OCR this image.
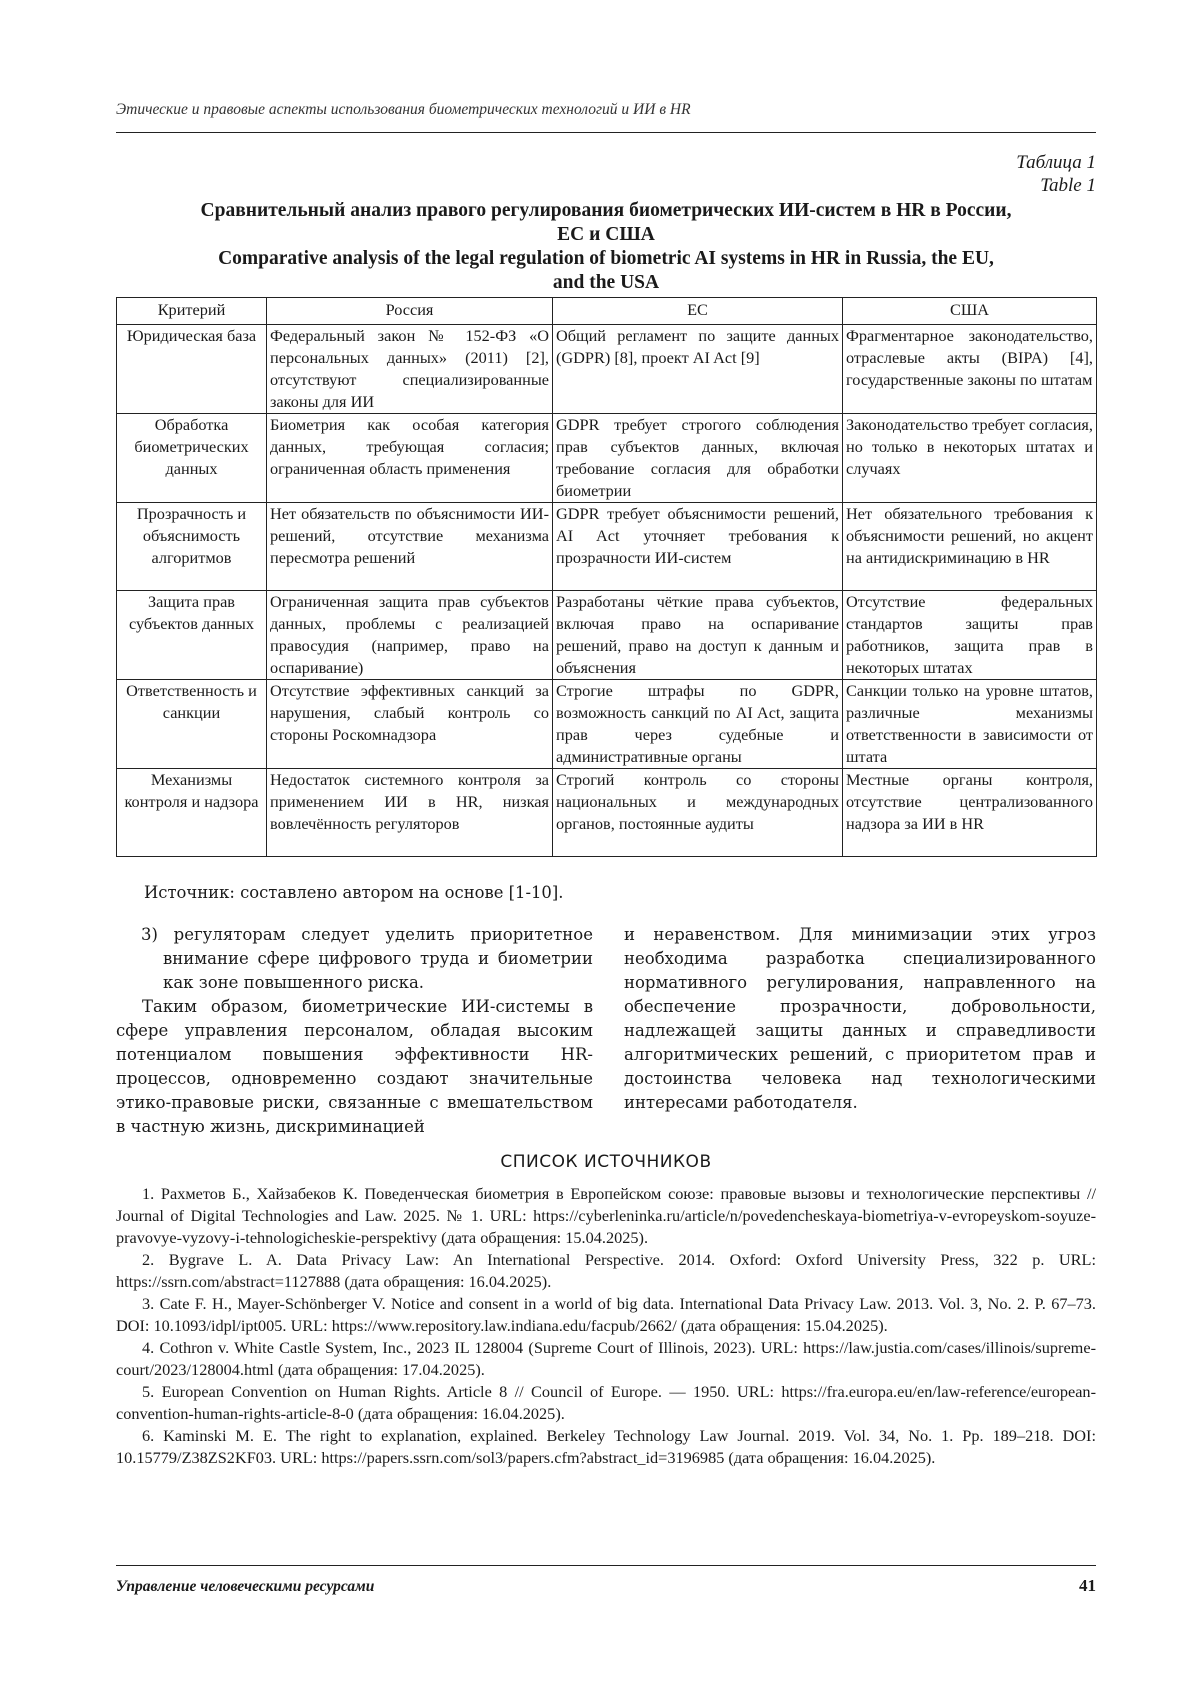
Этические и правовые аспекты использования биометрических технологий и ИИ в HR
Таблица 1
Table 1
Сравнительный анализ правого регулирования биометрических ИИ-систем в HR в России,
ЕС и США
Comparative analysis of the legal regulation of biometric AI systems in HR in Russia, the EU,
and the USA
Критерий	Россия	ЕС	США
Юридическая база	Федеральный закон № 152-ФЗ «О персональных данных» (2011) [2], отсутствуют специализированные законы для ИИ	Общий регламент по защите данных (GDPR) [8], проект AI Act [9]	Фрагментарное законодательство, отраслевые акты (BIPA) [4], государственные законы по штатам
Обработка биометрических данных	Биометрия как особая категория данных, требующая согласия; ограниченная область применения	GDPR требует строгого соблюдения прав субъектов данных, включая требование согласия для обработки биометрии	Законодательство требует согласия, но только в некоторых штатах и случаях
Прозрачность и объяснимость алгоритмов	Нет обязательств по объяснимости ИИ-решений, отсутствие механизма пересмотра решений	GDPR требует объяснимости решений, AI Act уточняет требования к прозрачности ИИ-систем	Нет обязательного требования к объяснимости решений, но акцент на антидискриминацию в HR
Защита прав субъектов данных	Ограниченная защита прав субъектов данных, проблемы с реализацией правосудия (например, право на оспаривание)	Разработаны чёткие права субъектов, включая право на оспаривание решений, право на доступ к данным и объяснения	Отсутствие федеральных стандартов защиты прав работников, защита прав в некоторых штатах
Ответственность и санкции	Отсутствие эффективных санкций за нарушения, слабый контроль со стороны Роскомнадзора	Строгие штрафы по GDPR, возможность санкций по AI Act, защита прав через судебные и административные органы	Санкции только на уровне штатов, различные механизмы ответственности в зависимости от штата
Механизмы контроля и надзора	Недостаток системного контроля за применением ИИ в HR, низкая вовлечённость регуляторов	Строгий контроль со стороны национальных и международных органов, постоянные аудиты	Местные органы контроля, отсутствие централизованного надзора за ИИ в HR
Источник: составлено автором на основе [1-10].

3) регуляторам следует уделить приоритетное внимание сфере цифрового труда и биометрии как зоне повышенного риска.

Таким образом, биометрические ИИ-системы в сфере управления персоналом, обладая высоким потенциалом повышения эффективности HR-процессов, одновременно создают значительные этико-правовые риски, связанные с вмешательством в частную жизнь, дискриминацией

и неравенством. Для минимизации этих угроз необходима разработка специализированного нормативного регулирования, направленного на обеспечение прозрачности, добровольности, надлежащей защиты данных и справедливости алгоритмических решений, с приоритетом прав и достоинства человека над технологическими интересами работодателя.

СПИСОК ИСТОЧНИКОВ
1. Рахметов Б., Хайзабеков К. Поведенческая биометрия в Европейском союзе: правовые вызовы и технологические перспективы // Journal of Digital Technologies and Law. 2025. № 1. URL: https://cyberleninka.ru/article/n/povedencheskaya-biometriya-v-evropeyskom-soyuze-pravovye-vyzovy-i-tehnologicheskie-perspektivy (дата обращения: 15.04.2025).
2. Bygrave L. A. Data Privacy Law: An International Perspective. 2014. Oxford: Oxford University Press, 322 p. URL: https://ssrn.com/abstract=1127888 (дата обращения: 16.04.2025).
3. Cate F. H., Mayer-Schönberger V. Notice and consent in a world of big data. International Data Privacy Law. 2013. Vol. 3, No. 2. P. 67–73. DOI: 10.1093/idpl/ipt005. URL: https://www.repository.law.indiana.edu/facpub/2662/ (дата обращения: 15.04.2025).
4. Cothron v. White Castle System, Inc., 2023 IL 128004 (Supreme Court of Illinois, 2023). URL: https://law.justia.com/cases/illinois/supreme-court/2023/128004.html (дата обращения: 17.04.2025).
5. European Convention on Human Rights. Article 8 // Council of Europe. — 1950. URL: https://fra.europa.eu/en/law-reference/european-convention-human-rights-article-8-0 (дата обращения: 16.04.2025).
6. Kaminski M. E. The right to explanation, explained. Berkeley Technology Law Journal. 2019. Vol. 34, No. 1. Pp. 189–218. DOI: 10.15779/Z38ZS2KF03. URL: https://papers.ssrn.com/sol3/papers.cfm?abstract_id=3196985 (дата обращения: 16.04.2025).
Управление человеческими ресурсами	41
